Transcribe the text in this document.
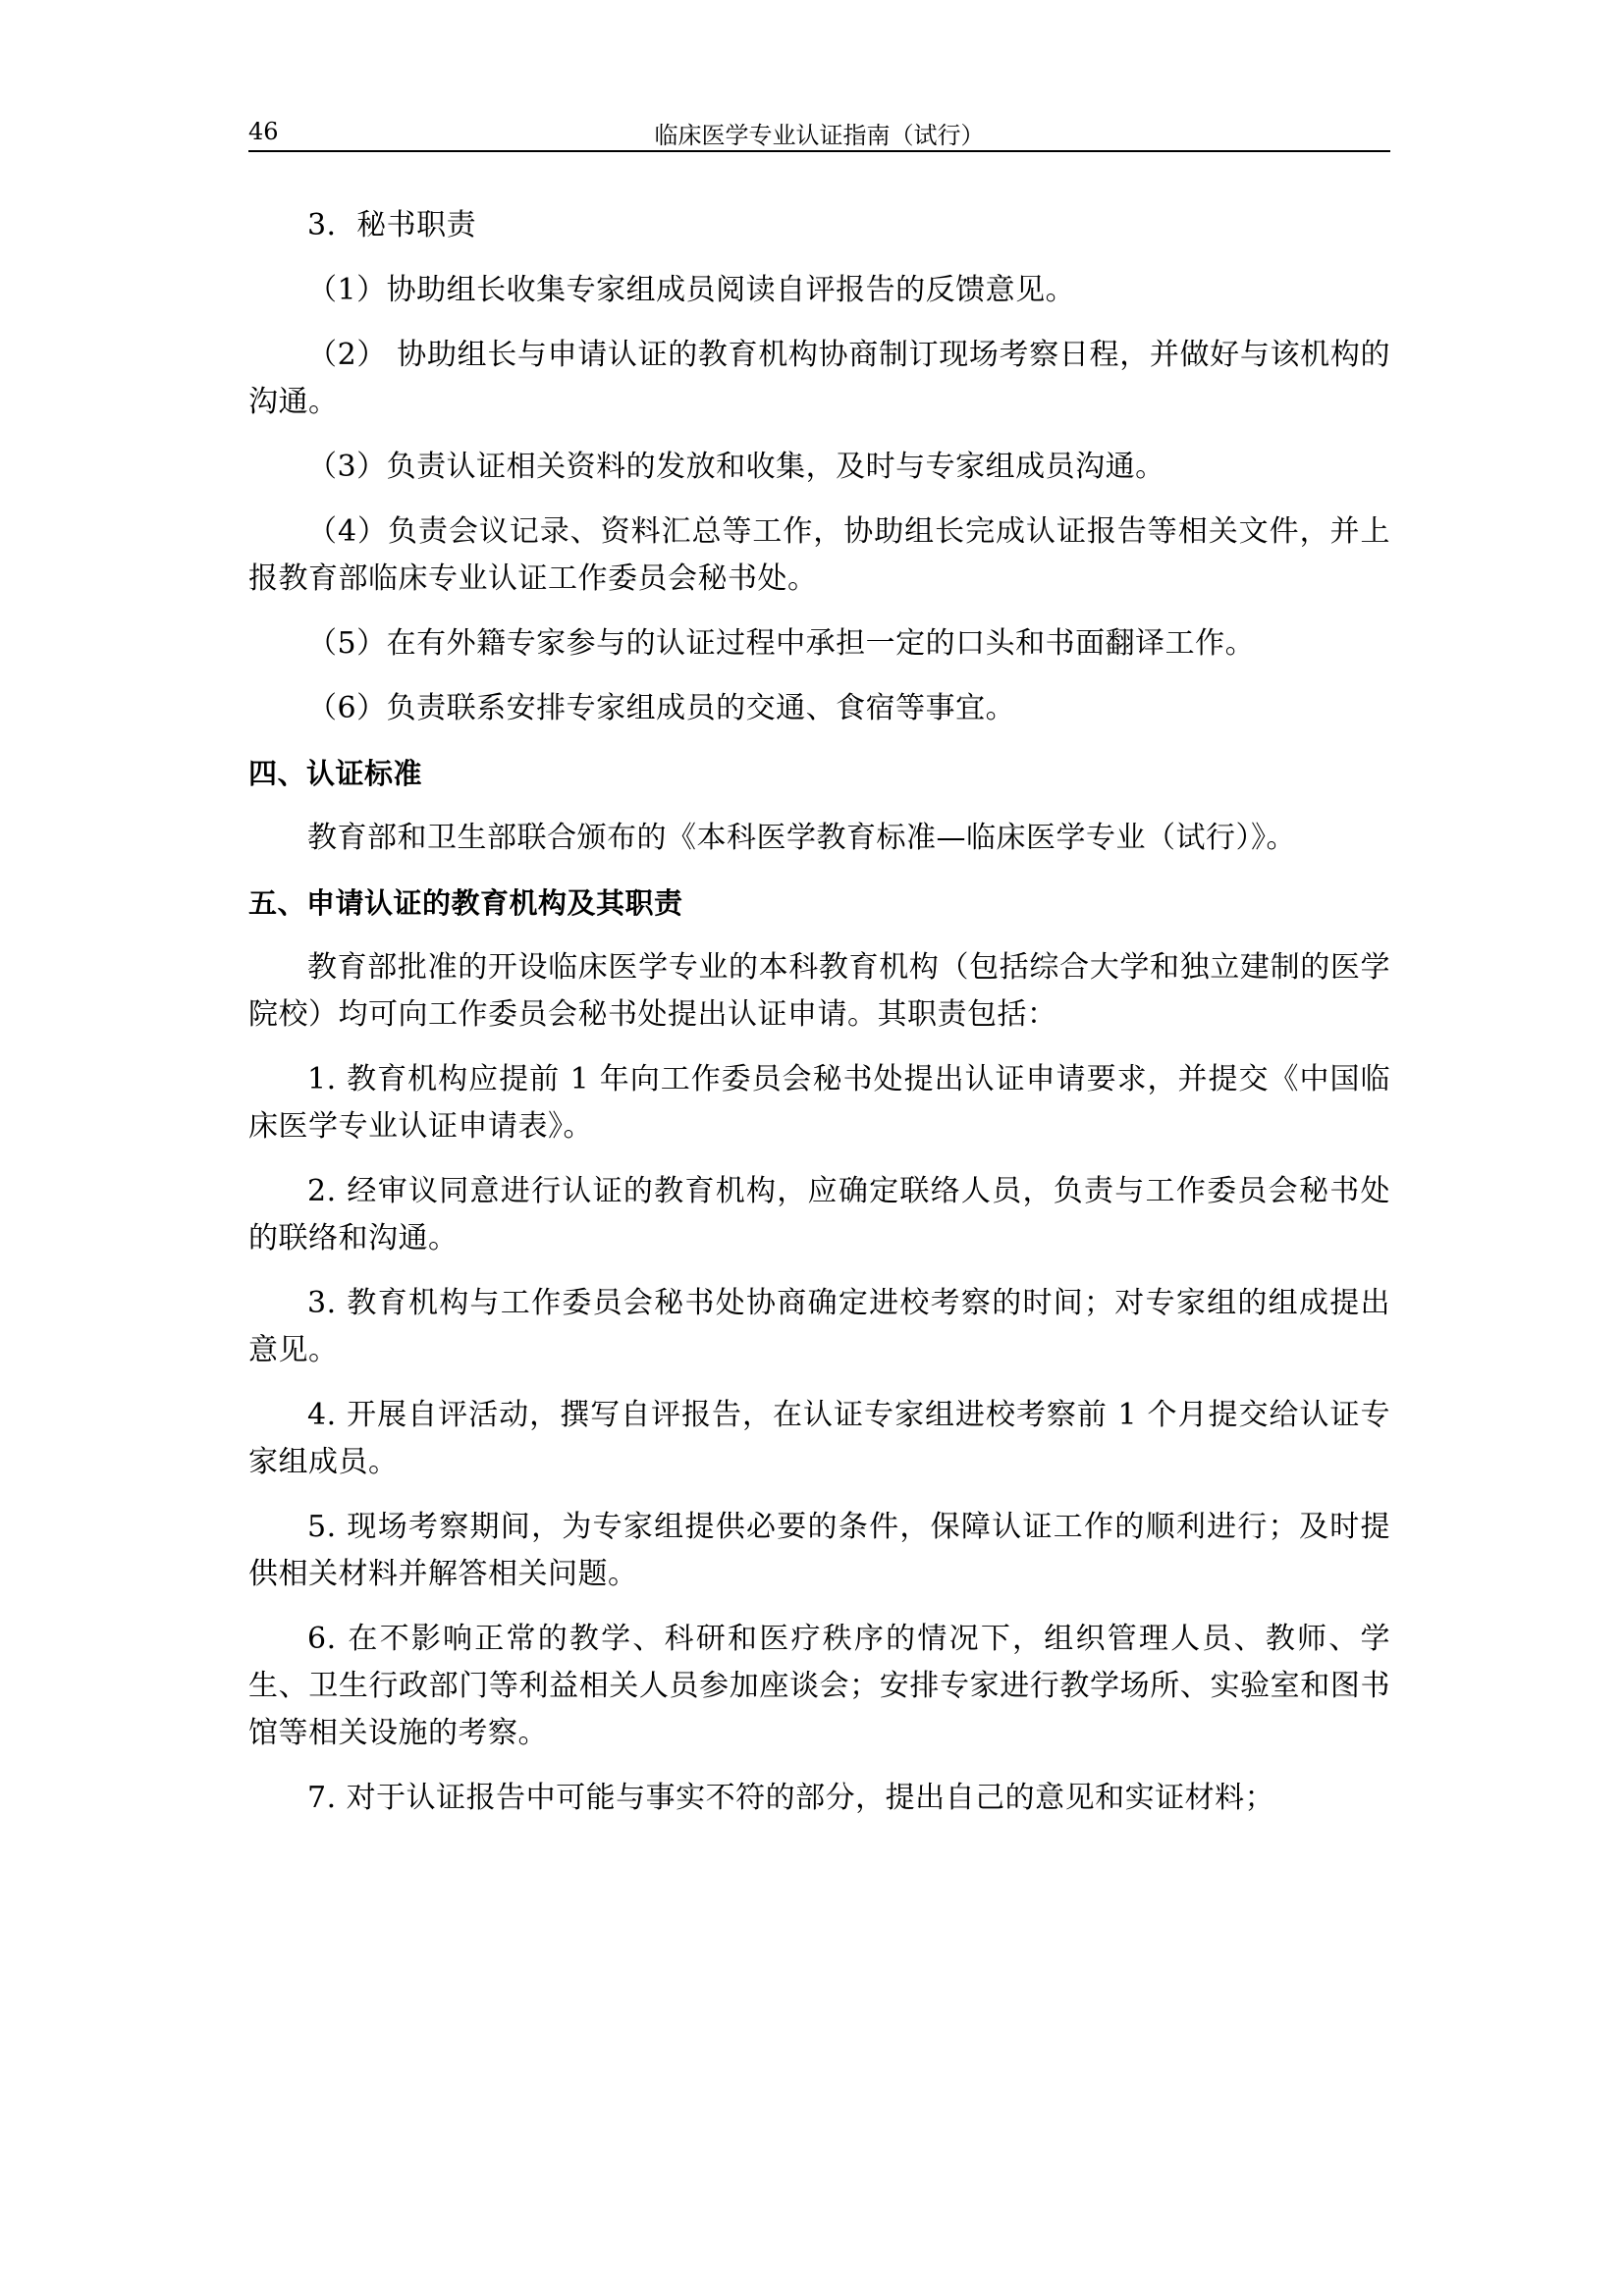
46	临床医学专业认证指南（试行）

3．秘书职责

（1）协助组长收集专家组成员阅读自评报告的反馈意见。

（2） 协助组长与申请认证的教育机构协商制订现场考察日程，并做好与该机构的沟通。

（3）负责认证相关资料的发放和收集，及时与专家组成员沟通。

（4）负责会议记录、资料汇总等工作，协助组长完成认证报告等相关文件，并上报教育部临床专业认证工作委员会秘书处。

（5）在有外籍专家参与的认证过程中承担一定的口头和书面翻译工作。

（6）负责联系安排专家组成员的交通、食宿等事宜。

四、认证标准

教育部和卫生部联合颁布的《本科医学教育标准—临床医学专业（试行）》。

五、申请认证的教育机构及其职责

教育部批准的开设临床医学专业的本科教育机构（包括综合大学和独立建制的医学院校）均可向工作委员会秘书处提出认证申请。其职责包括：

1. 教育机构应提前 1 年向工作委员会秘书处提出认证申请要求，并提交《中国临床医学专业认证申请表》。

2. 经审议同意进行认证的教育机构，应确定联络人员，负责与工作委员会秘书处的联络和沟通。

3. 教育机构与工作委员会秘书处协商确定进校考察的时间；对专家组的组成提出意见。

4. 开展自评活动，撰写自评报告，在认证专家组进校考察前 1 个月提交给认证专家组成员。

5. 现场考察期间，为专家组提供必要的条件，保障认证工作的顺利进行；及时提供相关材料并解答相关问题。

6. 在不影响正常的教学、科研和医疗秩序的情况下，组织管理人员、教师、学生、卫生行政部门等利益相关人员参加座谈会；安排专家进行教学场所、实验室和图书馆等相关设施的考察。

7. 对于认证报告中可能与事实不符的部分，提出自己的意见和实证材料；
